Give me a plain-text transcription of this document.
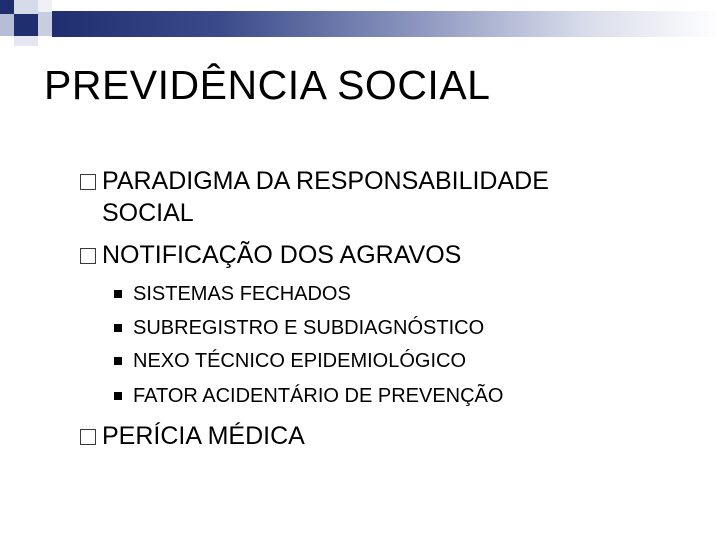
PREVIDÊNCIA SOCIAL
PARADIGMA DA RESPONSABILIDADE
SOCIAL
NOTIFICAÇÃO DOS AGRAVOS
SISTEMAS FECHADOS
SUBREGISTRO E SUBDIAGNÓSTICO
NEXO TÉCNICO EPIDEMIOLÓGICO
FATOR ACIDENTÁRIO DE PREVENÇÃO
PERÍCIA MÉDICA
